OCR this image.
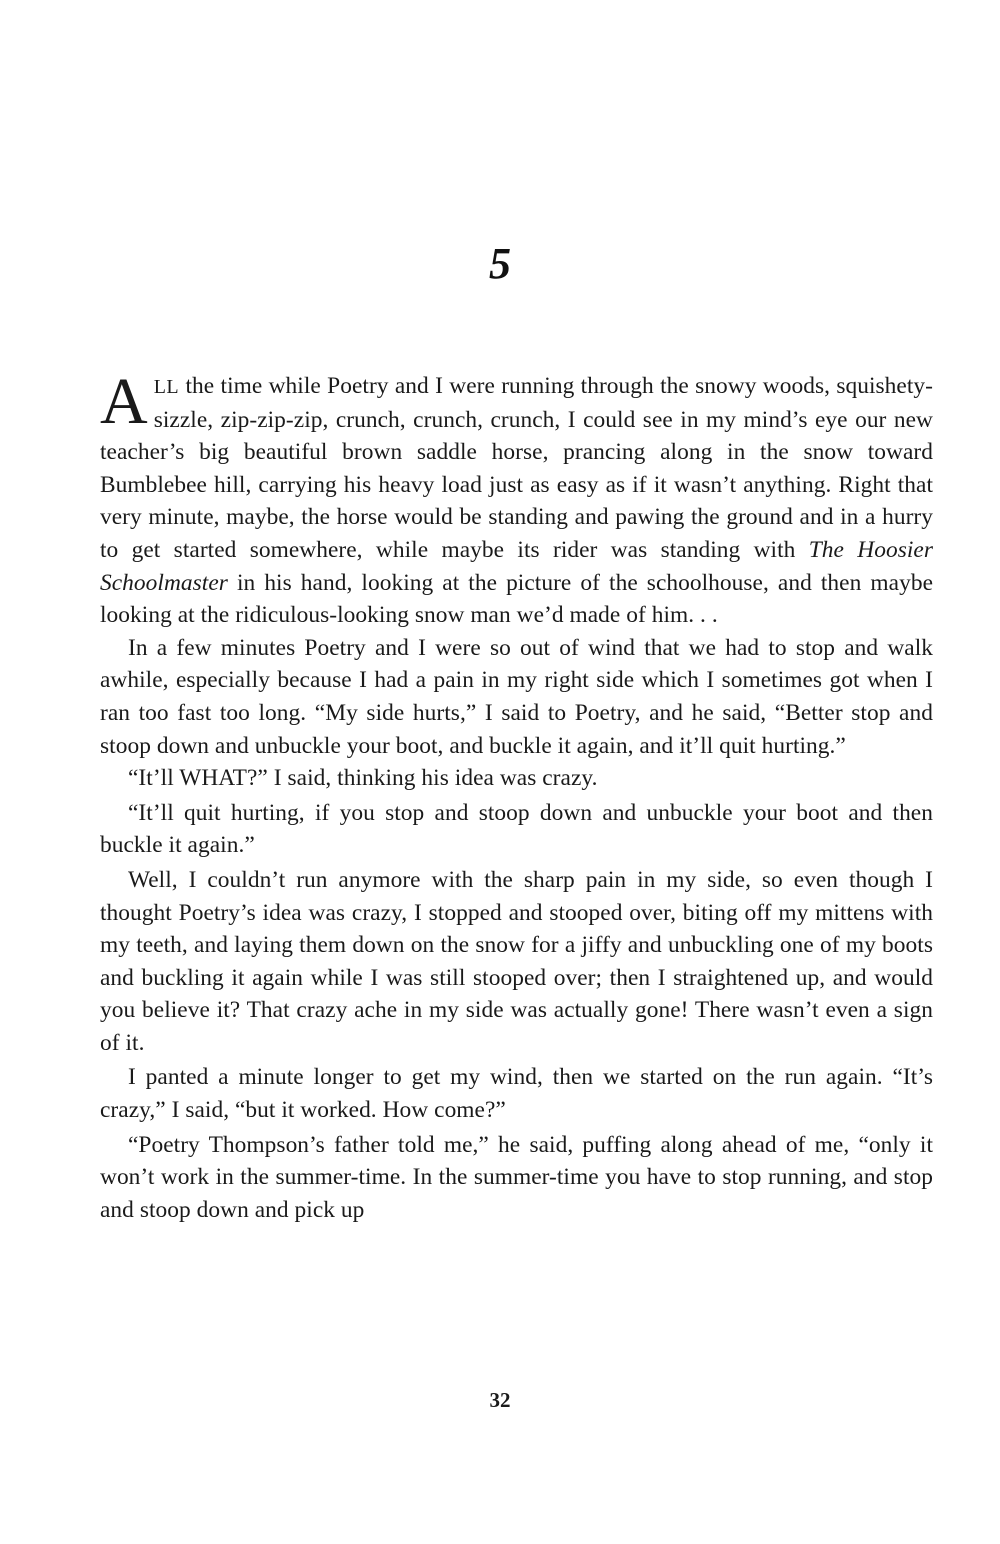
5

ALL the time while Poetry and I were running through the snowy woods, squishety-sizzle, zip-zip-zip, crunch, crunch, crunch, I could see in my mind’s eye our new teacher’s big beautiful brown saddle horse, prancing along in the snow toward Bumblebee hill, carrying his heavy load just as easy as if it wasn’t anything. Right that very minute, maybe, the horse would be standing and pawing the ground and in a hurry to get started somewhere, while maybe its rider was standing with The Hoosier Schoolmaster in his hand, looking at the picture of the schoolhouse, and then maybe looking at the ridiculous-looking snow man we’d made of him. . .

In a few minutes Poetry and I were so out of wind that we had to stop and walk awhile, especially because I had a pain in my right side which I sometimes got when I ran too fast too long. “My side hurts,” I said to Poetry, and he said, “Better stop and stoop down and unbuckle your boot, and buckle it again, and it’ll quit hurting.”

“It’ll WHAT?” I said, thinking his idea was crazy.

“It’ll quit hurting, if you stop and stoop down and unbuckle your boot and then buckle it again.”

Well, I couldn’t run anymore with the sharp pain in my side, so even though I thought Poetry’s idea was crazy, I stopped and stooped over, biting off my mittens with my teeth, and laying them down on the snow for a jiffy and unbuckling one of my boots and buckling it again while I was still stooped over; then I straightened up, and would you believe it? That crazy ache in my side was actually gone! There wasn’t even a sign of it.

I panted a minute longer to get my wind, then we started on the run again. “It’s crazy,” I said, “but it worked. How come?”

“Poetry Thompson’s father told me,” he said, puffing along ahead of me, “only it won’t work in the summer-time. In the summer-time you have to stop running, and stop and stoop down and pick up

32
